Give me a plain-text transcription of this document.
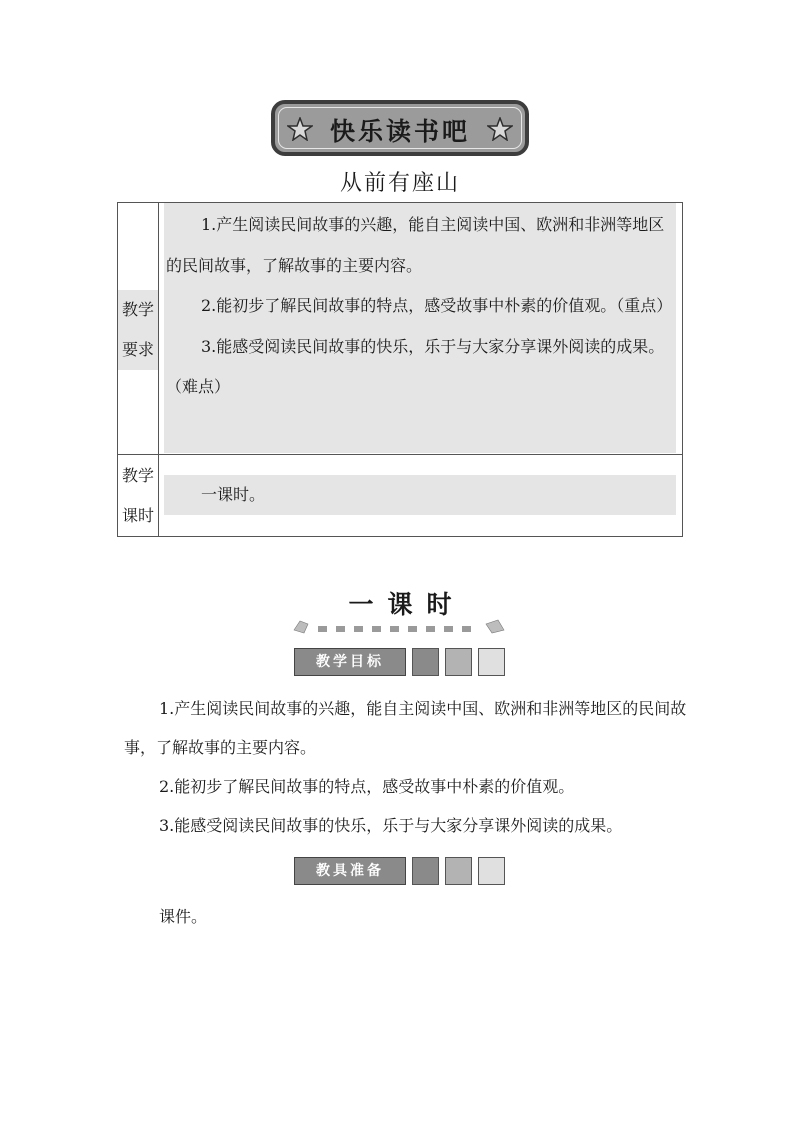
快乐读书吧
从前有座山
教学
要求

1.产生阅读民间故事的兴趣，能自主阅读中国、欧洲和非洲等地区的民间故事，了解故事的主要内容。

2.能初步了解民间故事的特点，感受故事中朴素的价值观。（重点）

3.能感受阅读民间故事的快乐，乐于与大家分享课外阅读的成果。（难点）

教学
课时

一课时。

一课时
教学目标

1.产生阅读民间故事的兴趣，能自主阅读中国、欧洲和非洲等地区的民间故事，了解故事的主要内容。

2.能初步了解民间故事的特点，感受故事中朴素的价值观。

3.能感受阅读民间故事的快乐，乐于与大家分享课外阅读的成果。

教具准备

课件。
